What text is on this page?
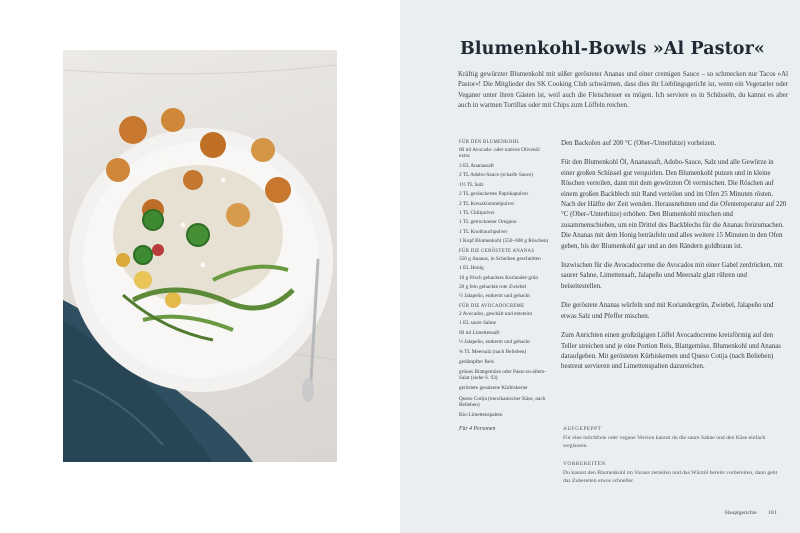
Blumenkohl-Bowls »Al Pastor«

Kräftig gewürzter Blumenkohl mit süßer gerösteter Ananas und einer cremigen Sauce – so schmecken nur Tacos »Al Pastor«! Die Mitglieder des SK Cooking Club schwärmen, dass dies ihr Lieblingsgericht ist, wenn ein Vegetarier oder Veganer unter ihren Gästen ist, weil auch die Fleischesser es mögen. Ich serviere es in Schüsseln, du kannst es aber auch in warmen Tortillas oder mit Chips zum Löffeln reichen.

FÜR DEN BLUMENKOHL
60 ml Avocado- oder natives Olivenöl extra
3 EL Ananassaft
2 TL Adobo-Sauce (scharfe Sauce)
1½ TL Salz
2 TL geräuchertes Paprikapulver
2 TL Kreuzkümmelpulver
1 TL Chilipulver
1 TL getrockneter Oregano
1 TL Knoblauchpulver
1 Kopf Blumenkohl (550–600 g Röschen)
FÜR DIE GERÖSTETE ANANAS
350 g Ananas, in Scheiben geschnitten
1 EL Honig
10 g frisch gehacktes Koriander-grün
20 g fein gehackte rote Zwiebel
½ Jalapeño, entkernt und gehackt
FÜR DIE AVOCADOCREME
2 Avocados, geschält und entsteint
1 EL saure Sahne
60 ml Limettensaft
½ Jalapeño, entkernt und gehackt
¾ TL Meersalz (nach Belieben)
gedämpfter Reis
grünes Blattgemüse oder Passt-zu-allem-Salat (siehe S. 93)
geröstete gesalzene Kürbiskerne
Queso Cotija (mexikanischer Käse, nach Belieben)
Bio-Limettenspalten
Für 4 Personen

Den Backofen auf 200 °C (Ober-/Unterhitze) vorheizen.

Für den Blumenkohl Öl, Ananassaft, Adobo-Sauce, Salz und alle Gewürze in einer großen Schüssel gut verquirlen. Den Blumenkohl putzen und in kleine Röschen verteilen, dann mit dem gewürzten Öl vermischen. Die Röschen auf einem großen Backblech mit Rand verteilen und im Ofen 25 Minuten rösten. Nach der Hälfte der Zeit wenden. Herausnehmen und die Ofentemperatur auf 220 °C (Ober-/Unterhitze) erhöhen. Den Blumenkohl mischen und zusammenschieben, um ein Drittel des Backblechs für die Ananas freizumachen. Die Ananas mit dem Honig beträufeln und alles weitere 15 Minuten in den Ofen geben, bis der Blumenkohl gar und an den Rändern goldbraun ist.

Inzwischen für die Avocadocreme die Avocados mit einer Gabel zerdrücken, mit saurer Sahne, Limettensaft, Jalapeño und Meersalz glatt rühren und beiseitestellen.

Die geröstete Ananas würfeln und mit Koriandergrün, Zwiebel, Jalapeño und etwas Salz und Pfeffer mischen.

Zum Anrichten einen großzügigen Löffel Avocadocreme kreisförmig auf den Teller streichen und je eine Portion Reis, Blattgemüse, Blumenkohl und Ananas daraufgeben. Mit gerösteten Kürbiskernen und Queso Cotija (nach Belieben) bestreut servieren und Limettenspalten dazureichen.

AUFGEPEPPT
Für eine milchfreie oder vegane Version kannst du die saure Sahne und den Käse einfach weglassen.
VORBEREITEN
Du kannst den Blumenkohl im Voraus zerteilen und das Würzöl bereits vorbereiten, dann geht das Zubereiten etwas schneller.
Hauptgerichte 181
